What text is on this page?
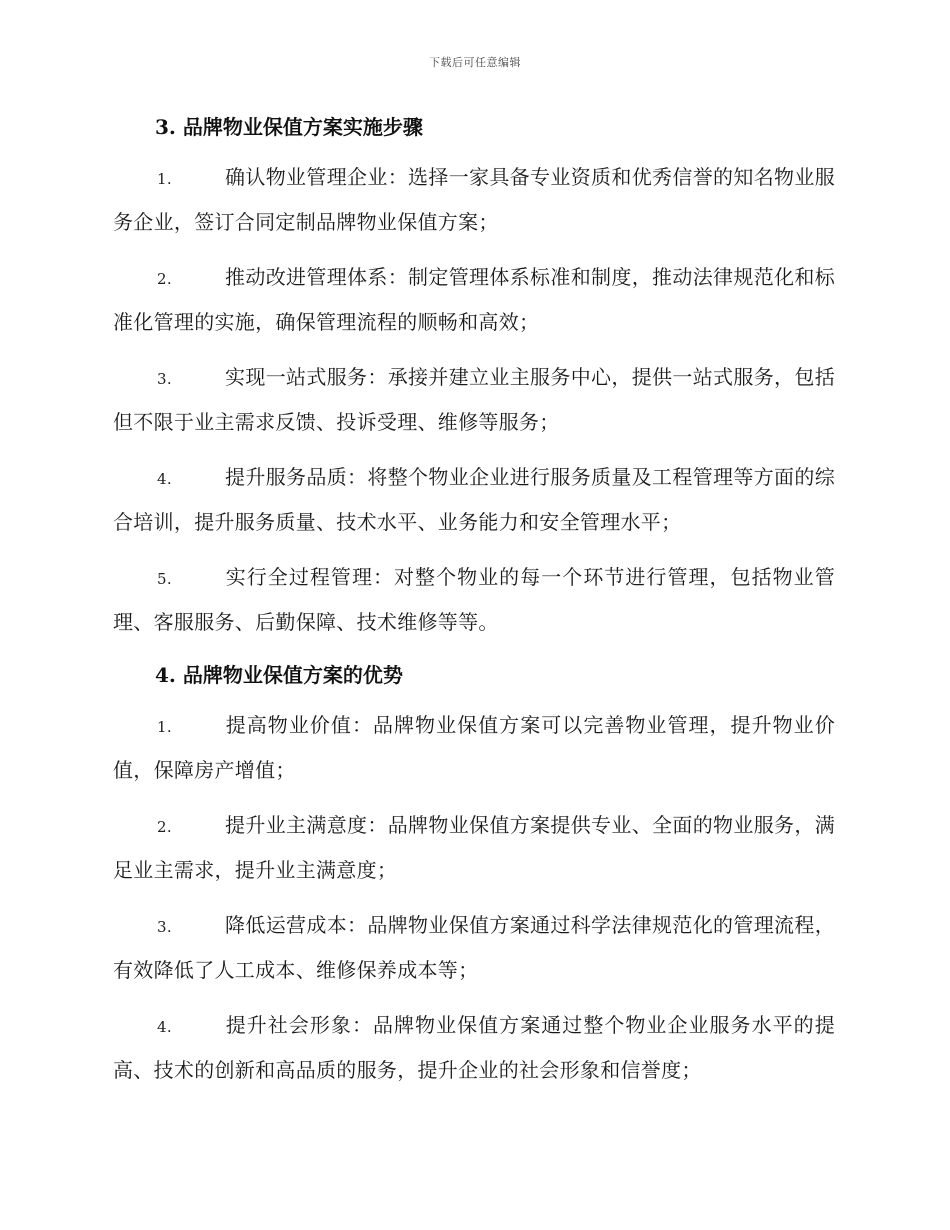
下载后可任意编辑
3. 品牌物业保值方案实施步骤
1.	确认物业管理企业：选择一家具备专业资质和优秀信誉的知名物业服务企业，签订合同定制品牌物业保值方案；
2.	推动改进管理体系：制定管理体系标准和制度，推动法律规范化和标准化管理的实施，确保管理流程的顺畅和高效；
3.	实现一站式服务：承接并建立业主服务中心，提供一站式服务，包括但不限于业主需求反馈、投诉受理、维修等服务；
4.	提升服务品质：将整个物业企业进行服务质量及工程管理等方面的综合培训，提升服务质量、技术水平、业务能力和安全管理水平；
5.	实行全过程管理：对整个物业的每一个环节进行管理，包括物业管理、客服服务、后勤保障、技术维修等等。
4. 品牌物业保值方案的优势
1.	提高物业价值：品牌物业保值方案可以完善物业管理，提升物业价值，保障房产增值；
2.	提升业主满意度：品牌物业保值方案提供专业、全面的物业服务，满足业主需求，提升业主满意度；
3.	降低运营成本：品牌物业保值方案通过科学法律规范化的管理流程，有效降低了人工成本、维修保养成本等；
4.	提升社会形象：品牌物业保值方案通过整个物业企业服务水平的提高、技术的创新和高品质的服务，提升企业的社会形象和信誉度；
